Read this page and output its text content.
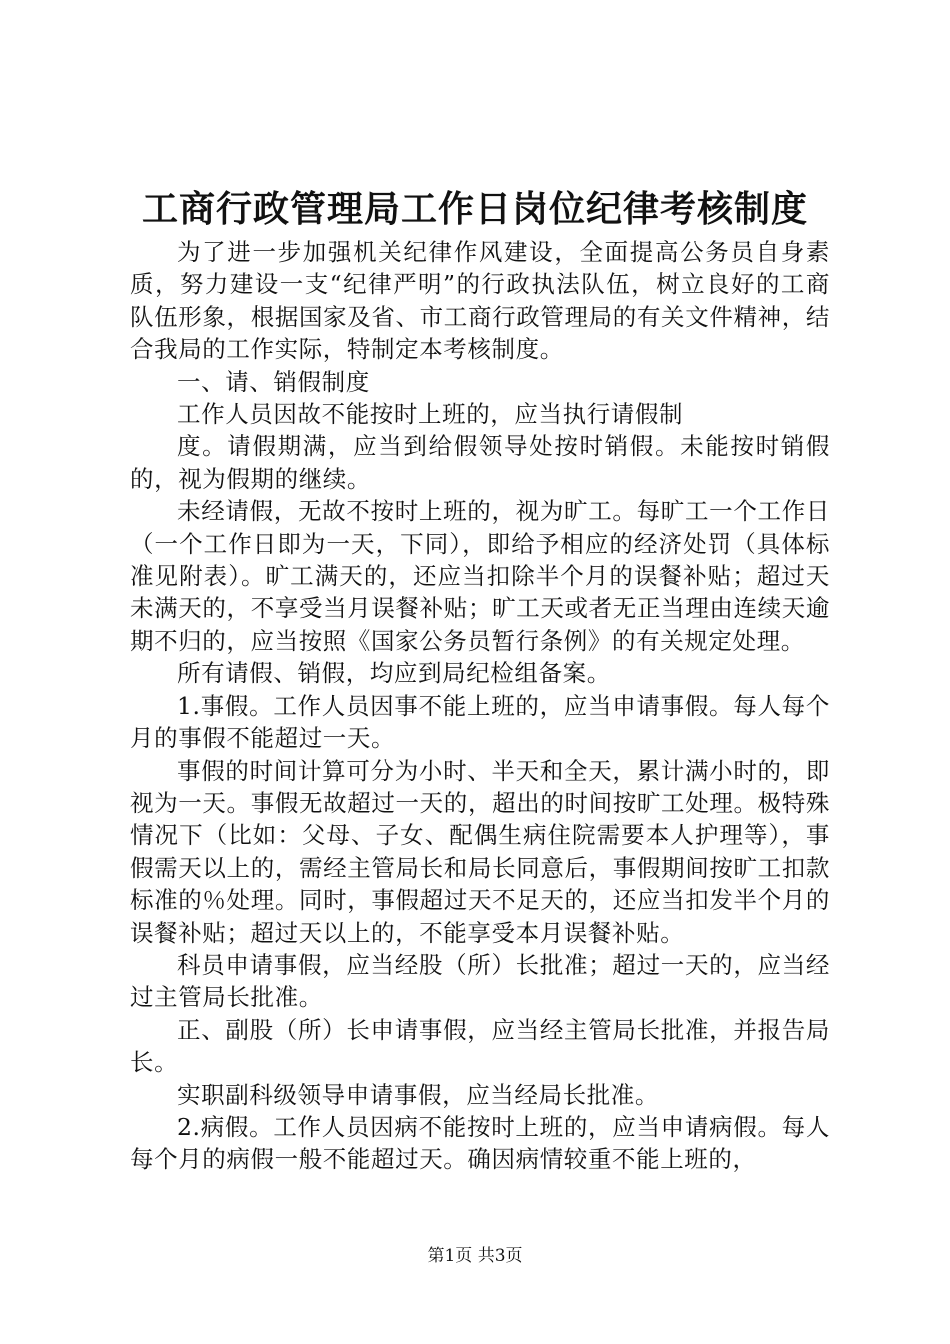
工商行政管理局工作日岗位纪律考核制度

为了进一步加强机关纪律作风建设，全面提高公务员自身素质，努力建设一支“纪律严明”的行政执法队伍，树立良好的工商队伍形象，根据国家及省、市工商行政管理局的有关文件精神，结合我局的工作实际，特制定本考核制度。

一、请、销假制度

工作人员因故不能按时上班的，应当执行请假制

度。请假期满，应当到给假领导处按时销假。未能按时销假的，视为假期的继续。

未经请假，无故不按时上班的，视为旷工。每旷工一个工作日（一个工作日即为一天，下同），即给予相应的经济处罚（具体标准见附表）。旷工满天的，还应当扣除半个月的误餐补贴；超过天未满天的，不享受当月误餐补贴；旷工天或者无正当理由连续天逾期不归的，应当按照《国家公务员暂行条例》的有关规定处理。

所有请假、销假，均应到局纪检组备案。

1.事假。工作人员因事不能上班的，应当申请事假。每人每个月的事假不能超过一天。

事假的时间计算可分为小时、半天和全天，累计满小时的，即视为一天。事假无故超过一天的，超出的时间按旷工处理。极特殊情况下（比如：父母、子女、配偶生病住院需要本人护理等），事假需天以上的，需经主管局长和局长同意后，事假期间按旷工扣款标准的％处理。同时，事假超过天不足天的，还应当扣发半个月的误餐补贴；超过天以上的，不能享受本月误餐补贴。

科员申请事假，应当经股（所）长批准；超过一天的，应当经过主管局长批准。

正、副股（所）长申请事假，应当经主管局长批准，并报告局长。

实职副科级领导申请事假，应当经局长批准。

2.病假。工作人员因病不能按时上班的，应当申请病假。每人每个月的病假一般不能超过天。确因病情较重不能上班的，

第1页 共3页
